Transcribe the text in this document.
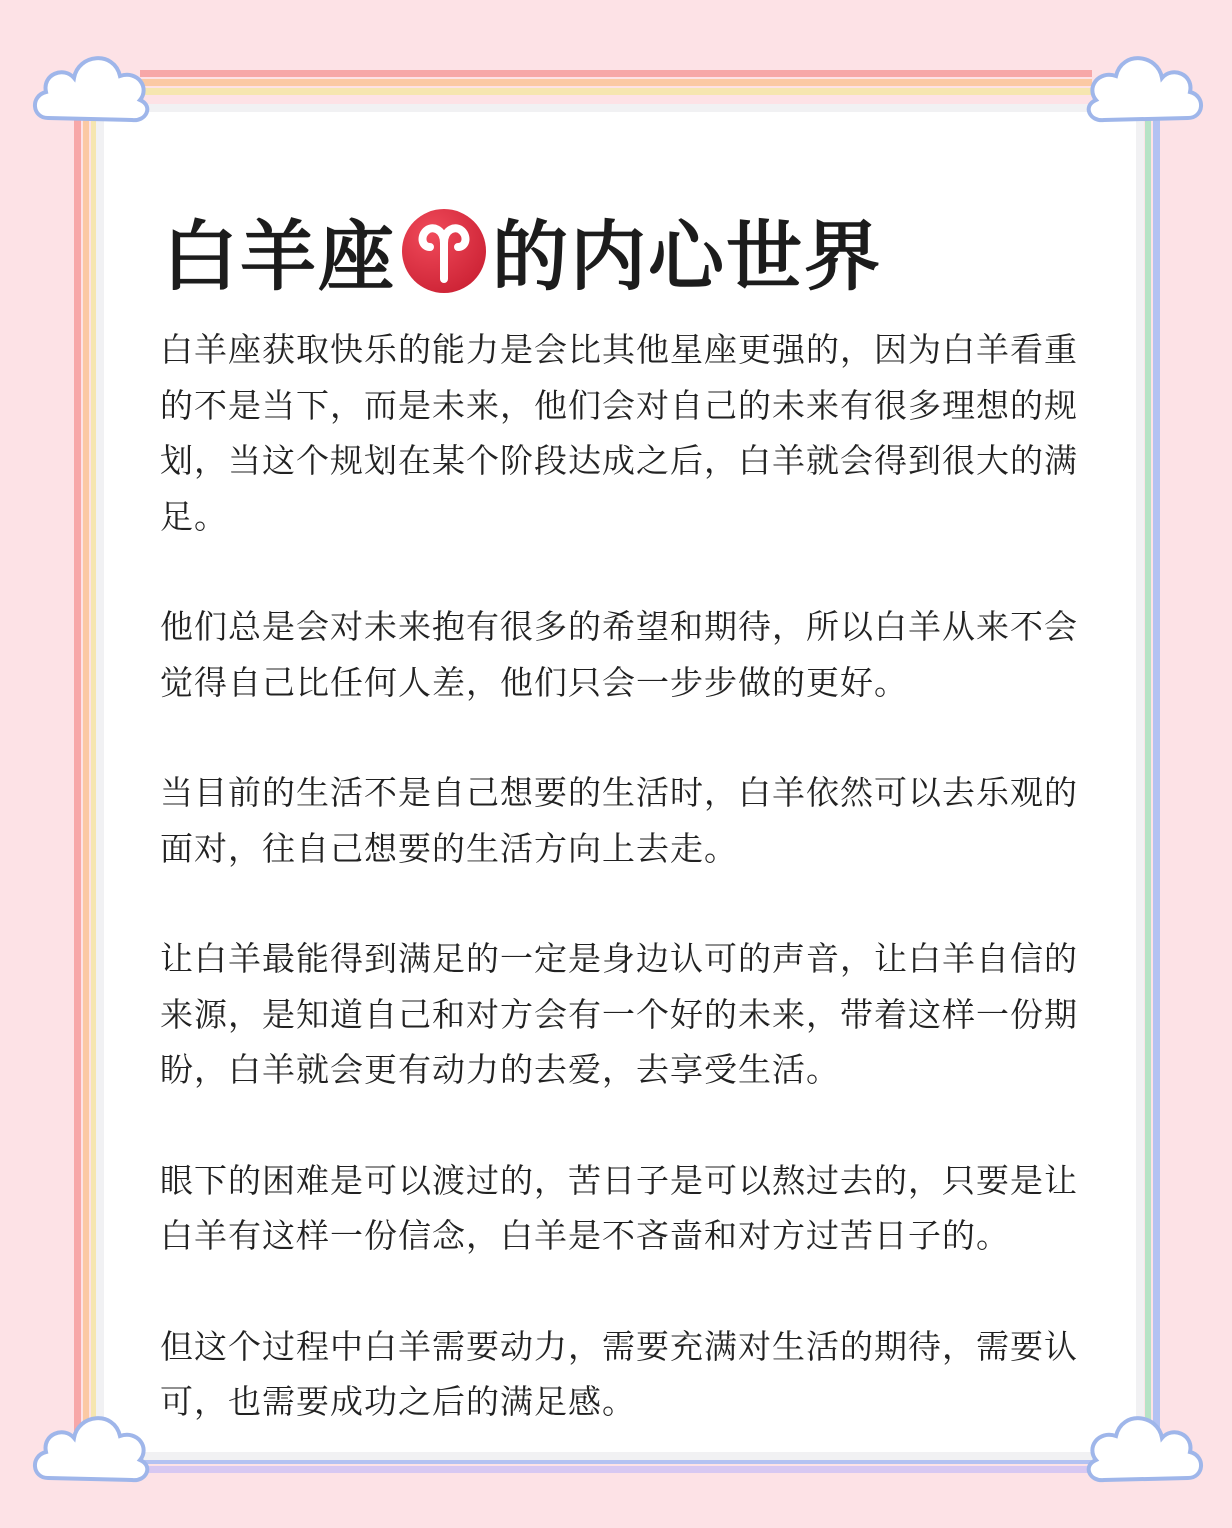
白羊座 的内心世界

白羊座获取快乐的能力是会比其他星座更强的，因为白羊看重的不是当下，而是未来，他们会对自己的未来有很多理想的规划，当这个规划在某个阶段达成之后，白羊就会得到很大的满足。

他们总是会对未来抱有很多的希望和期待，所以白羊从来不会觉得自己比任何人差，他们只会一步步做的更好。

当目前的生活不是自己想要的生活时，白羊依然可以去乐观的面对，往自己想要的生活方向上去走。

让白羊最能得到满足的一定是身边认可的声音，让白羊自信的来源，是知道自己和对方会有一个好的未来，带着这样一份期盼，白羊就会更有动力的去爱，去享受生活。

眼下的困难是可以渡过的，苦日子是可以熬过去的，只要是让白羊有这样一份信念，白羊是不吝啬和对方过苦日子的。

但这个过程中白羊需要动力，需要充满对生活的期待，需要认可，也需要成功之后的满足感。
